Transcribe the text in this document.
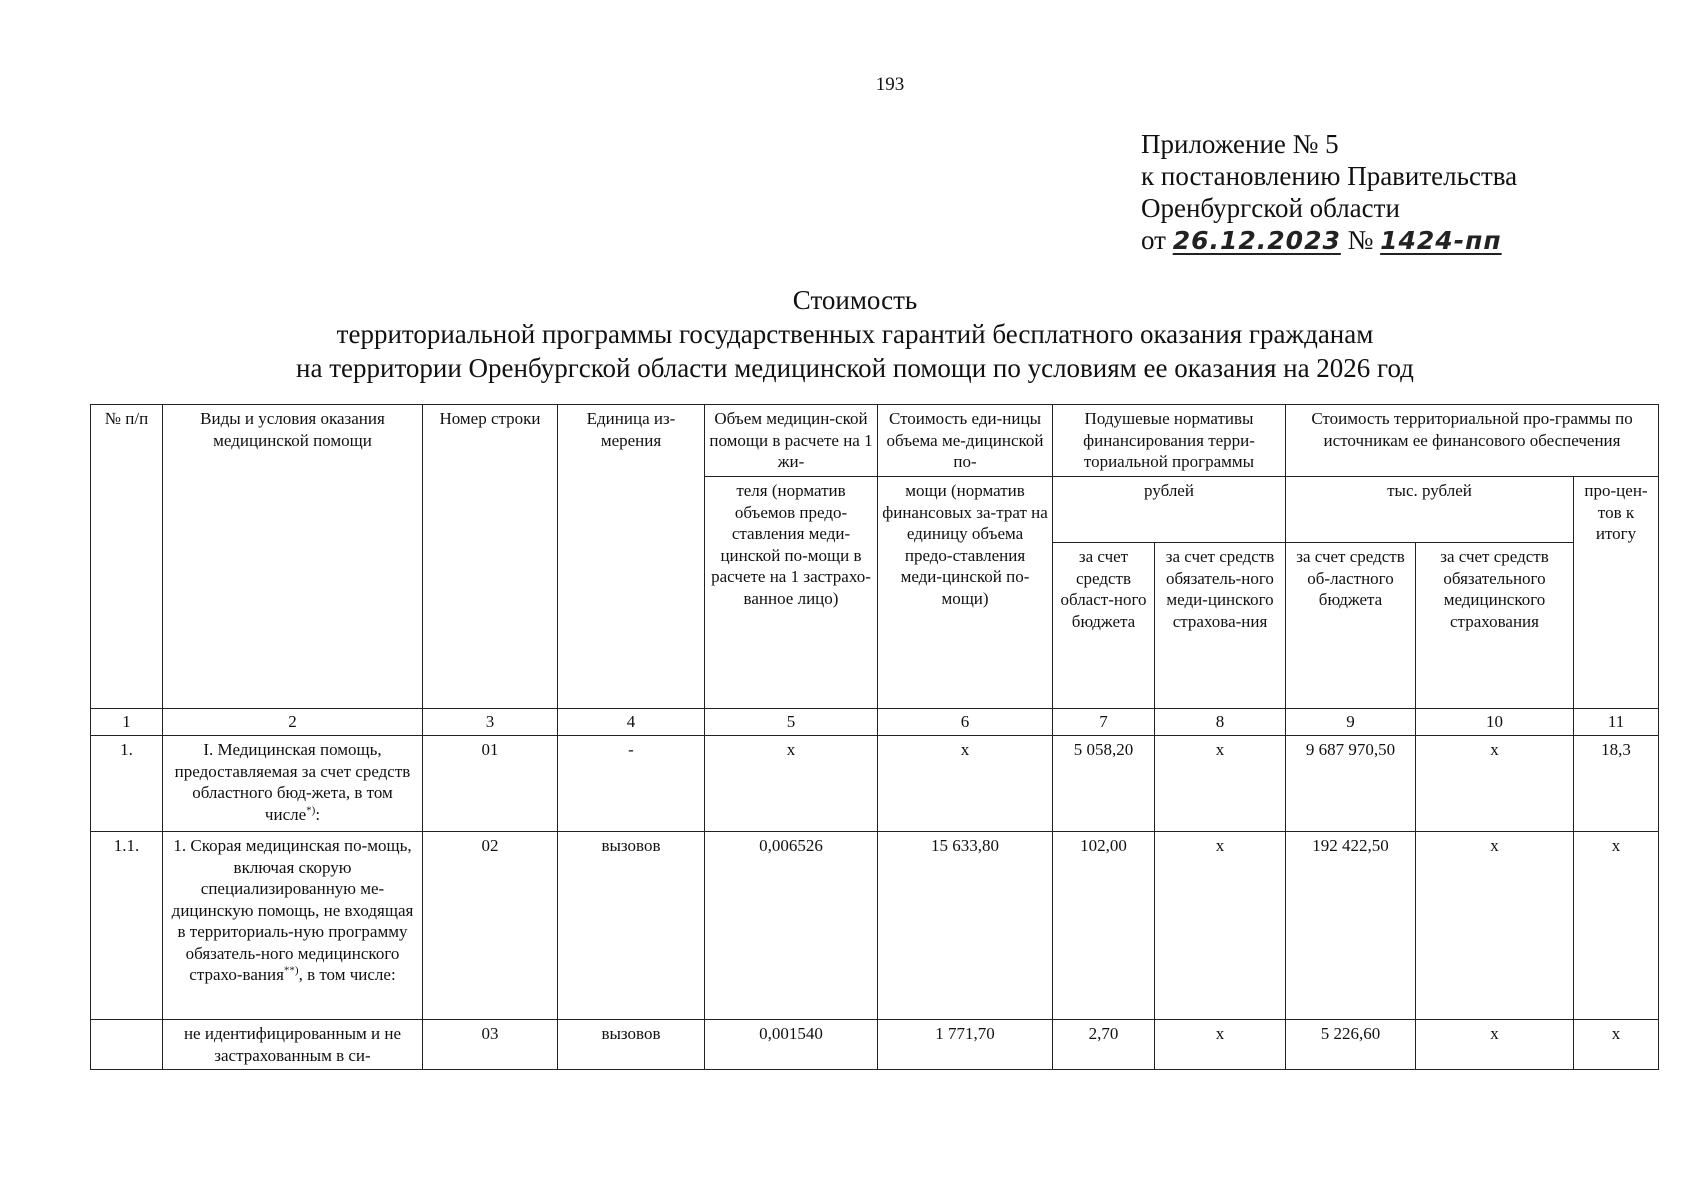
193
Приложение № 5
к постановлению Правительства
Оренбургской области
от 26.12.2023 № 1424-пп
Стоимость
территориальной программы государственных гарантий бесплатного оказания гражданам
на территории Оренбургской области медицинской помощи по условиям ее оказания на 2026 год
№ п/п	Виды и условия оказания медицинской помощи	Номер строки	Единица из-мерения	Объем медицин-ской помощи в расчете на 1 жи-	Стоимость еди-ницы объема ме-дицинской по-	Подушевые нормативы финансирования терри-ториальной программы		Стоимость территориальной про-граммы по источникам ее финансового обеспечения		
				теля (норматив объемов предо-ставления меди-цинской по-мощи в расчете на 1 застрахо-ванное лицо)	мощи (норматив финансовых за-трат на единицу объема предо-ставления меди-цинской по-мощи)	рублей		тыс. рублей		про-цен-тов к итогу
						за счет средств област-ного бюджета	за счет средств обязатель-ного меди-цинского страхова-ния	за счет средств об-ластного бюджета	за счет средств обязательного медицинского страхования	
1	2	3	4	5	6	7	8	9	10	11
1.	I. Медицинская помощь, предоставляемая за счет средств областного бюд-жета, в том числе*):	01	-	х	х	5 058,20	х	9 687 970,50	х	18,3
1.1.	1. Скорая медицинская по-мощь, включая скорую специализированную ме-дицинскую помощь, не входящая в территориаль-ную программу обязатель-ного медицинского страхо-вания**), в том числе:	02	вызовов	0,006526	15 633,80	102,00	х	192 422,50	х	х
	не идентифицированным и не застрахованным в си-	03	вызовов	0,001540	1 771,70	2,70	х	5 226,60	х	х
